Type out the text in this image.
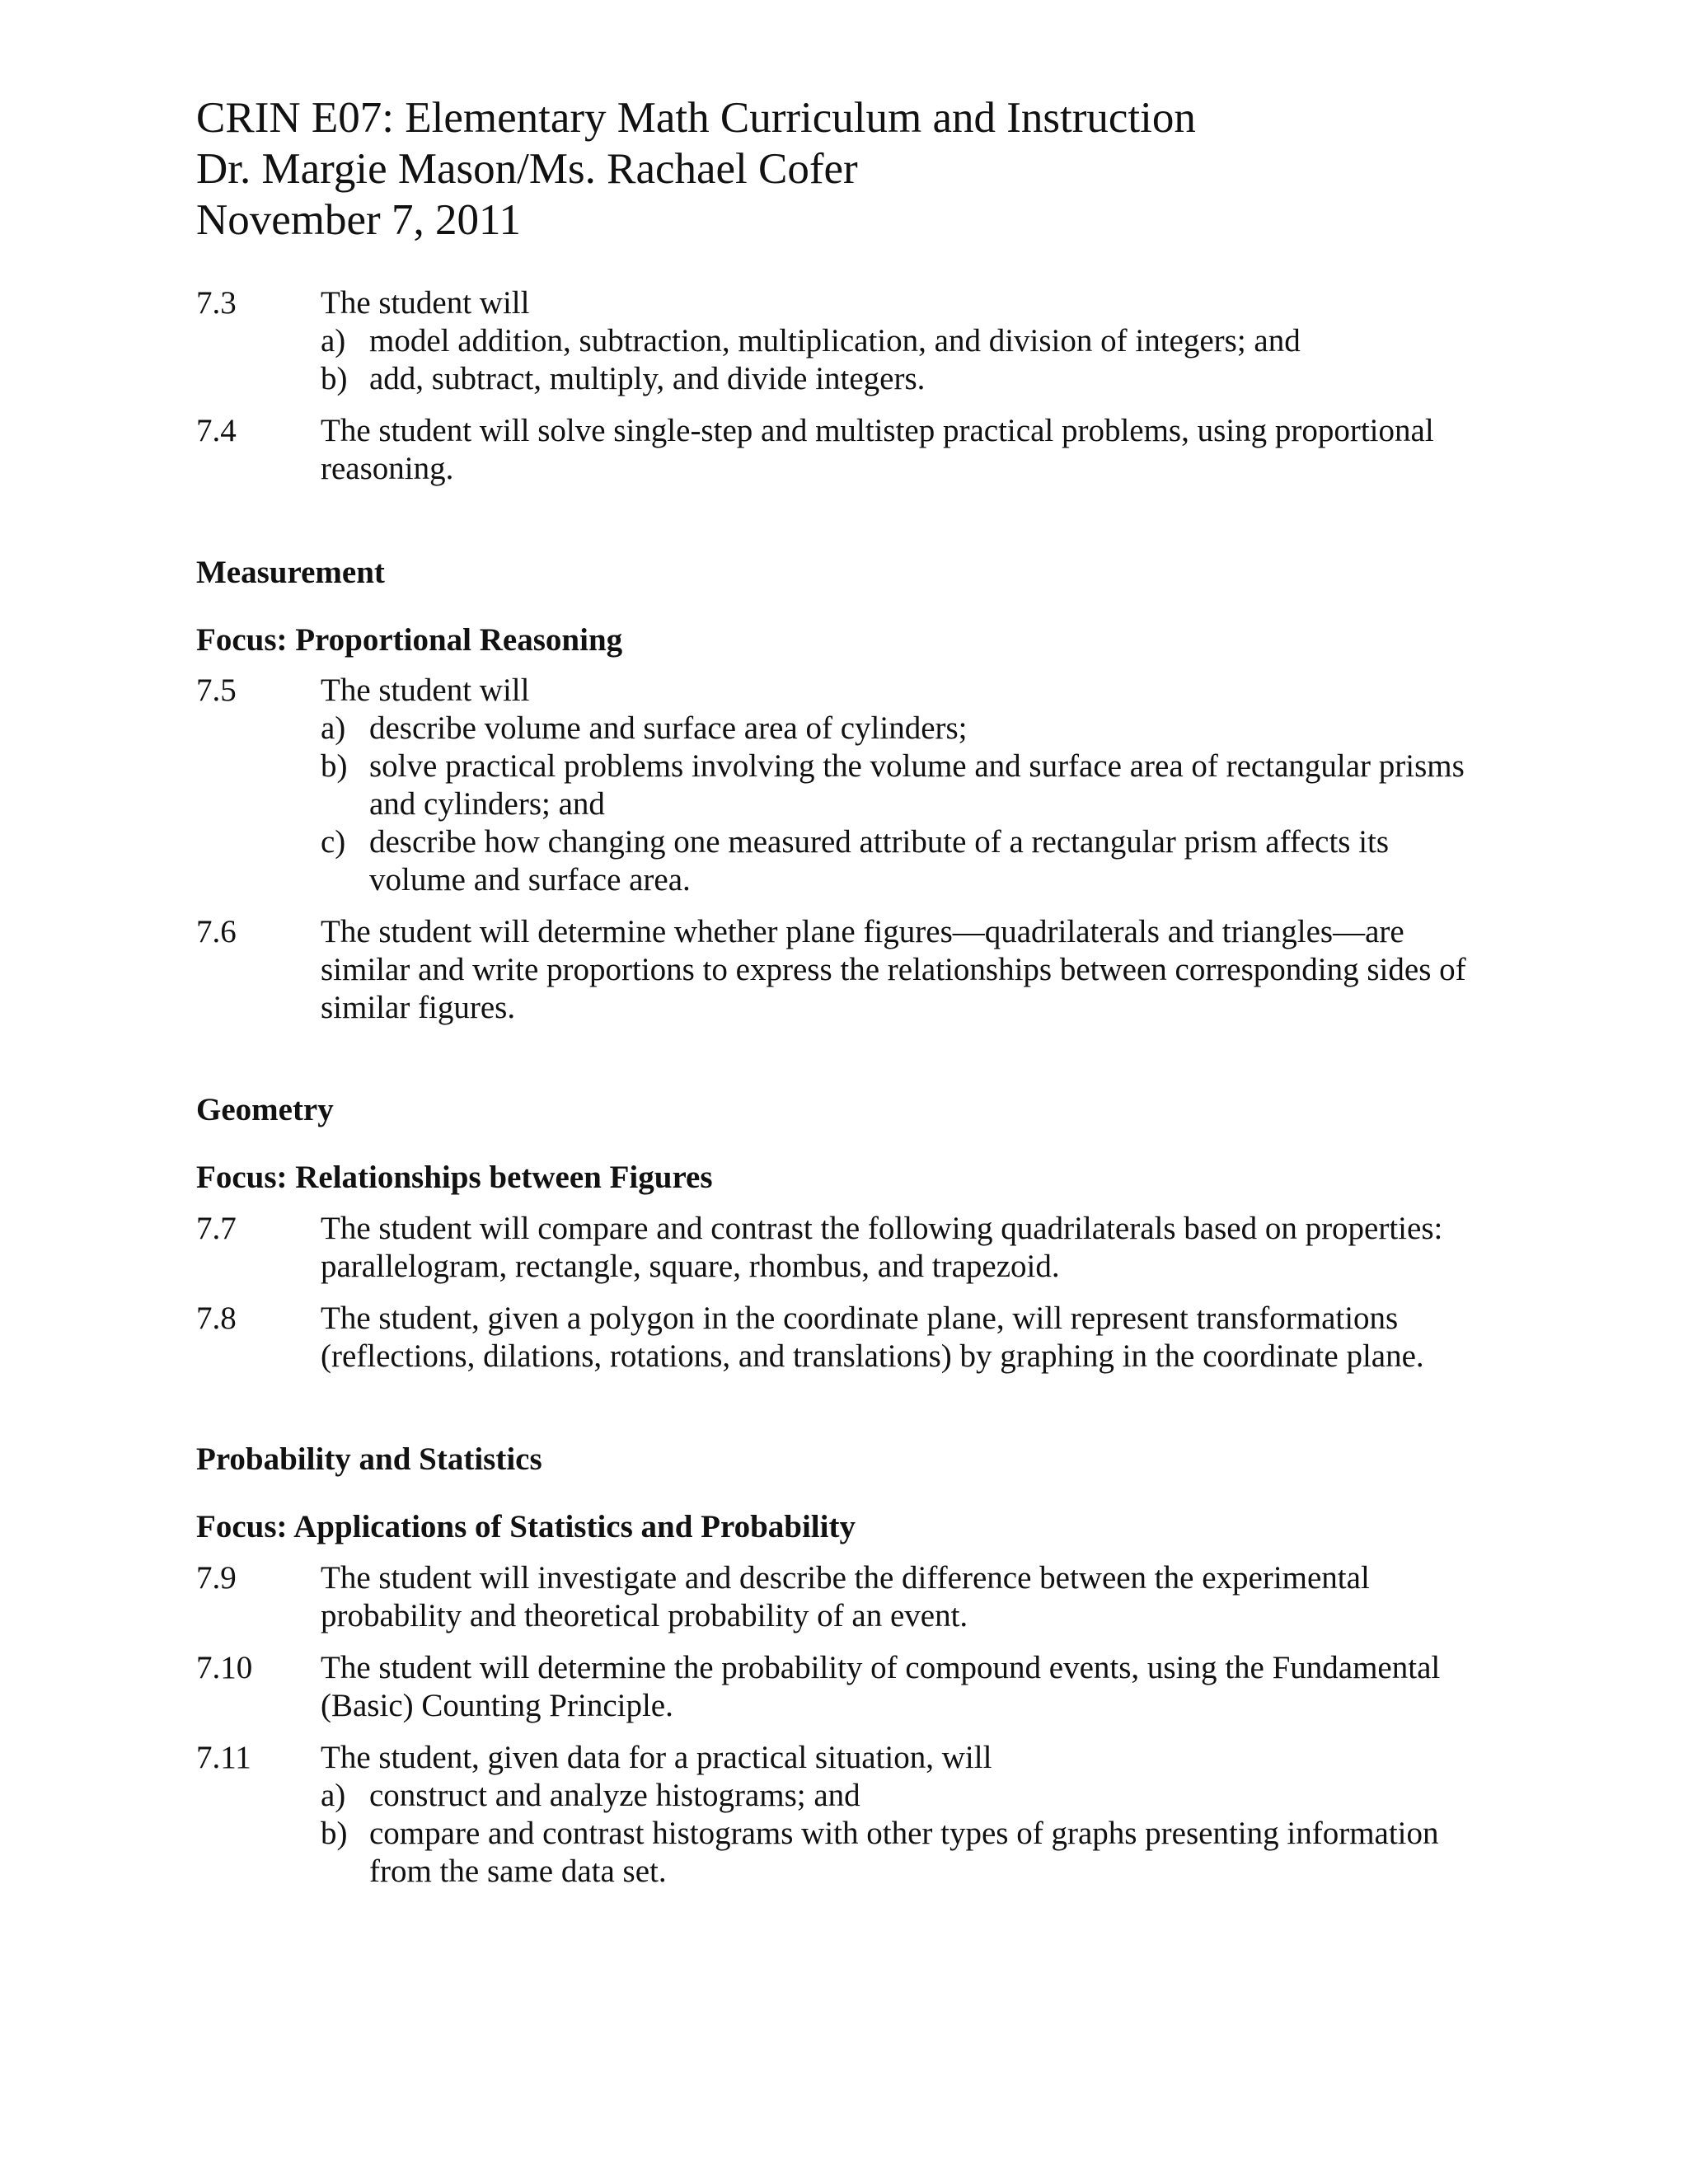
CRIN E07: Elementary Math Curriculum and Instruction
Dr. Margie Mason/Ms. Rachael Cofer
November 7, 2011
7.3	The student will
a) model addition, subtraction, multiplication, and division of integers; and
b) add, subtract, multiply, and divide integers.
7.4	The student will solve single-step and multistep practical problems, using proportional reasoning.
Measurement
Focus: Proportional Reasoning
7.5	The student will
a) describe volume and surface area of cylinders;
b) solve practical problems involving the volume and surface area of rectangular prisms and cylinders; and
c) describe how changing one measured attribute of a rectangular prism affects its volume and surface area.
7.6	The student will determine whether plane figures—quadrilaterals and triangles—are similar and write proportions to express the relationships between corresponding sides of similar figures.
Geometry
Focus: Relationships between Figures
7.7	The student will compare and contrast the following quadrilaterals based on properties: parallelogram, rectangle, square, rhombus, and trapezoid.
7.8	The student, given a polygon in the coordinate plane, will represent transformations (reflections, dilations, rotations, and translations) by graphing in the coordinate plane.
Probability and Statistics
Focus: Applications of Statistics and Probability
7.9	The student will investigate and describe the difference between the experimental probability and theoretical probability of an event.
7.10 The student will determine the probability of compound events, using the Fundamental (Basic) Counting Principle.
7.11 The student, given data for a practical situation, will
a) construct and analyze histograms; and
b) compare and contrast histograms with other types of graphs presenting information from the same data set.
